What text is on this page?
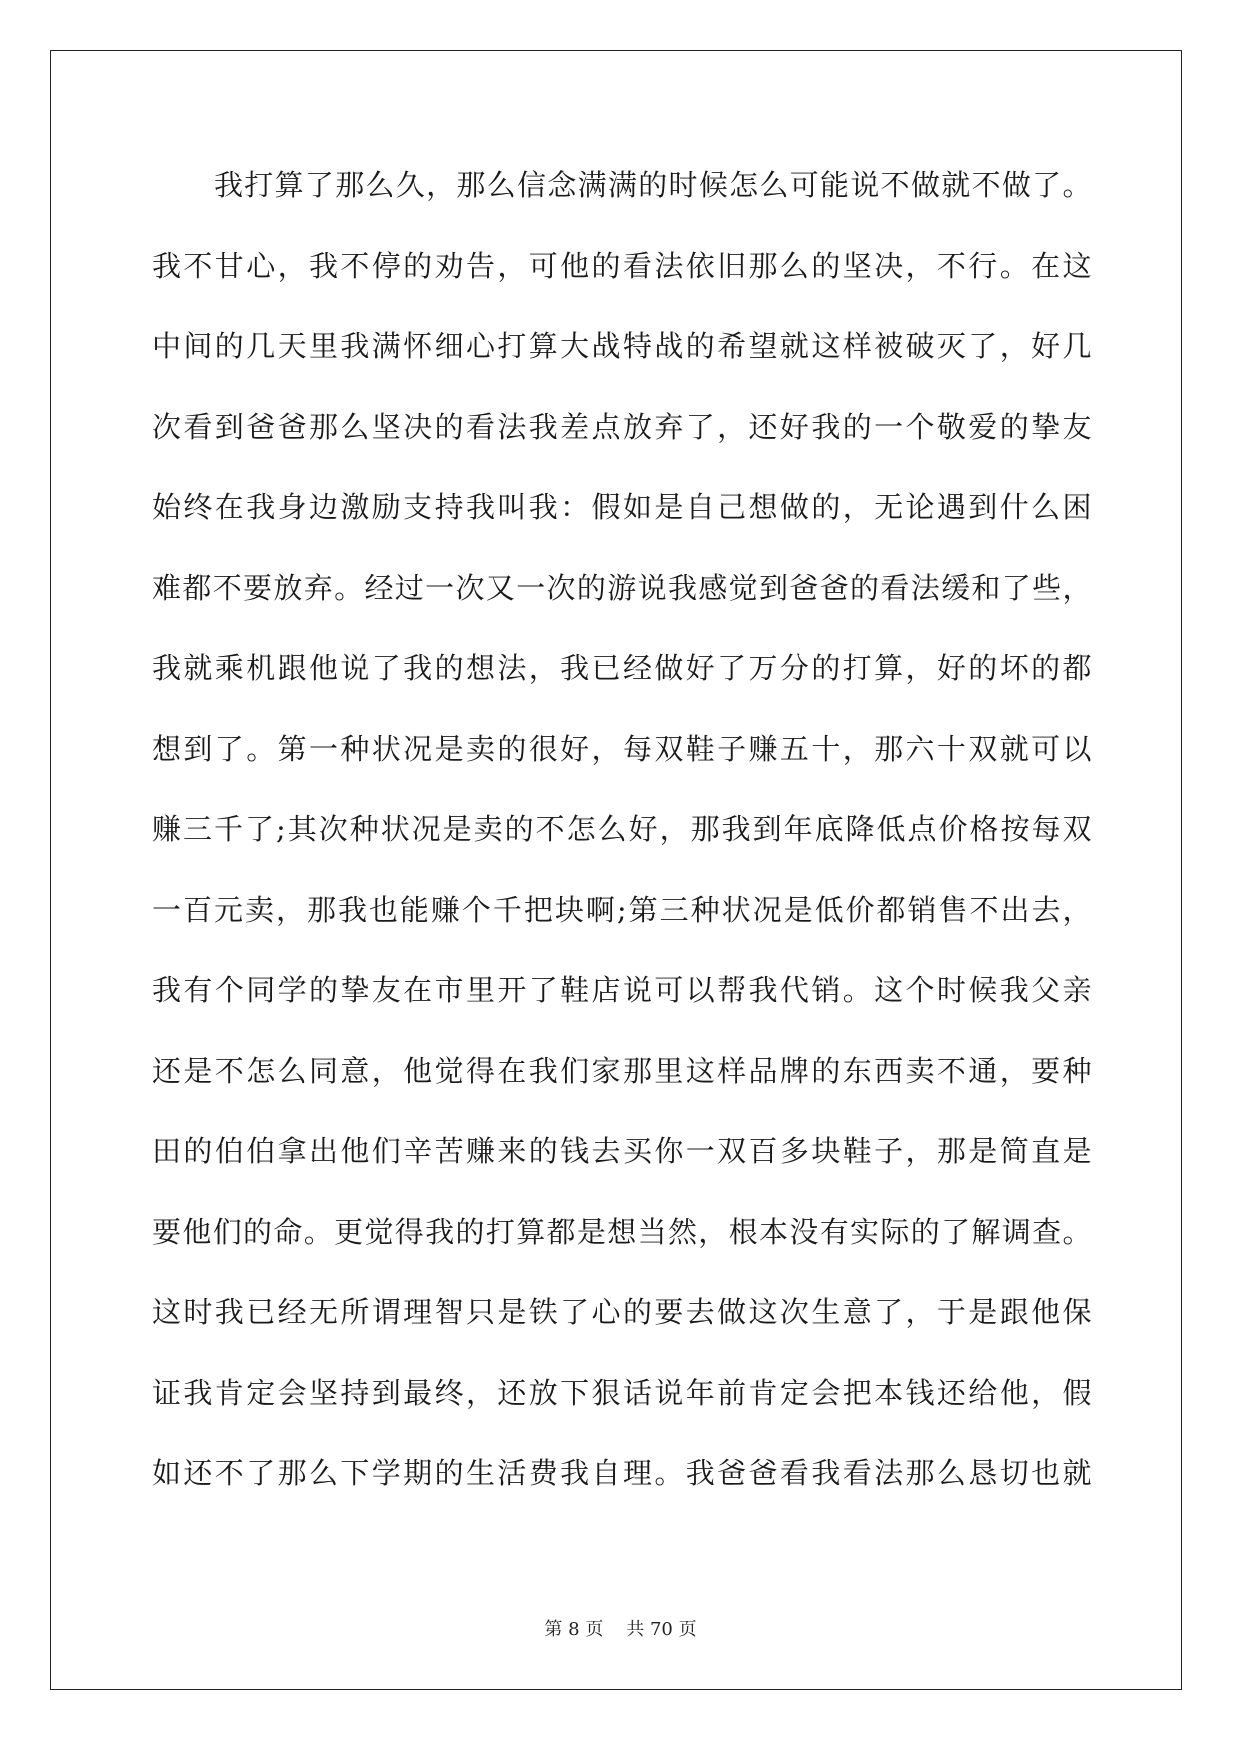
我打算了那么久，那么信念满满的时候怎么可能说不做就不做了。
我不甘心，我不停的劝告，可他的看法依旧那么的坚决，不行。在这
中间的几天里我满怀细心打算大战特战的希望就这样被破灭了，好几
次看到爸爸那么坚决的看法我差点放弃了，还好我的一个敬爱的挚友
始终在我身边激励支持我叫我：假如是自己想做的，无论遇到什么困
难都不要放弃。经过一次又一次的游说我感觉到爸爸的看法缓和了些，
我就乘机跟他说了我的想法，我已经做好了万分的打算，好的坏的都
想到了。第一种状况是卖的很好，每双鞋子赚五十，那六十双就可以
赚三千了;其次种状况是卖的不怎么好，那我到年底降低点价格按每双
一百元卖，那我也能赚个千把块啊;第三种状况是低价都销售不出去，
我有个同学的挚友在市里开了鞋店说可以帮我代销。这个时候我父亲
还是不怎么同意，他觉得在我们家那里这样品牌的东西卖不通，要种
田的伯伯拿出他们辛苦赚来的钱去买你一双百多块鞋子，那是简直是
要他们的命。更觉得我的打算都是想当然，根本没有实际的了解调查。
这时我已经无所谓理智只是铁了心的要去做这次生意了，于是跟他保
证我肯定会坚持到最终，还放下狠话说年前肯定会把本钱还给他，假
如还不了那么下学期的生活费我自理。我爸爸看我看法那么恳切也就
第 8 页 共 70 页
